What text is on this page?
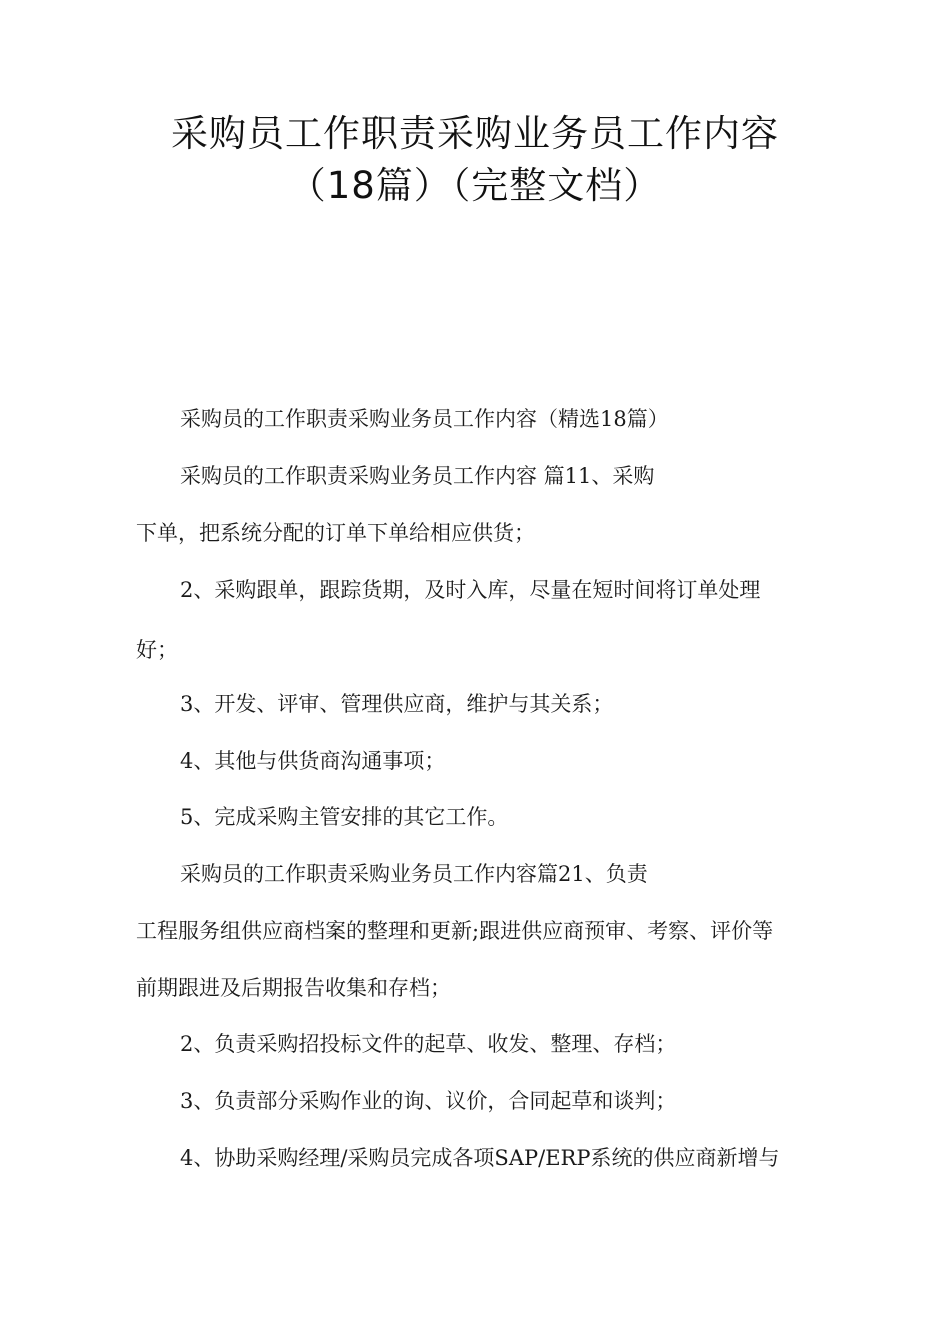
采购员工作职责采购业务员工作内容
（18篇）（完整文档）
采购员的工作职责采购业务员工作内容（精选18篇）
采购员的工作职责采购业务员工作内容 篇11、采购
下单，把系统分配的订单下单给相应供货；
2、采购跟单，跟踪货期，及时入库，尽量在短时间将订单处理
好；
3、开发、评审、管理供应商，维护与其关系；
4、其他与供货商沟通事项；
5、完成采购主管安排的其它工作。
采购员的工作职责采购业务员工作内容篇21、负责
工程服务组供应商档案的整理和更新;跟进供应商预审、考察、评价等
前期跟进及后期报告收集和存档；
2、负责采购招投标文件的起草、收发、整理、存档；
3、负责部分采购作业的询、议价，合同起草和谈判；
4、协助采购经理/采购员完成各项SAP/ERP系统的供应商新增与
